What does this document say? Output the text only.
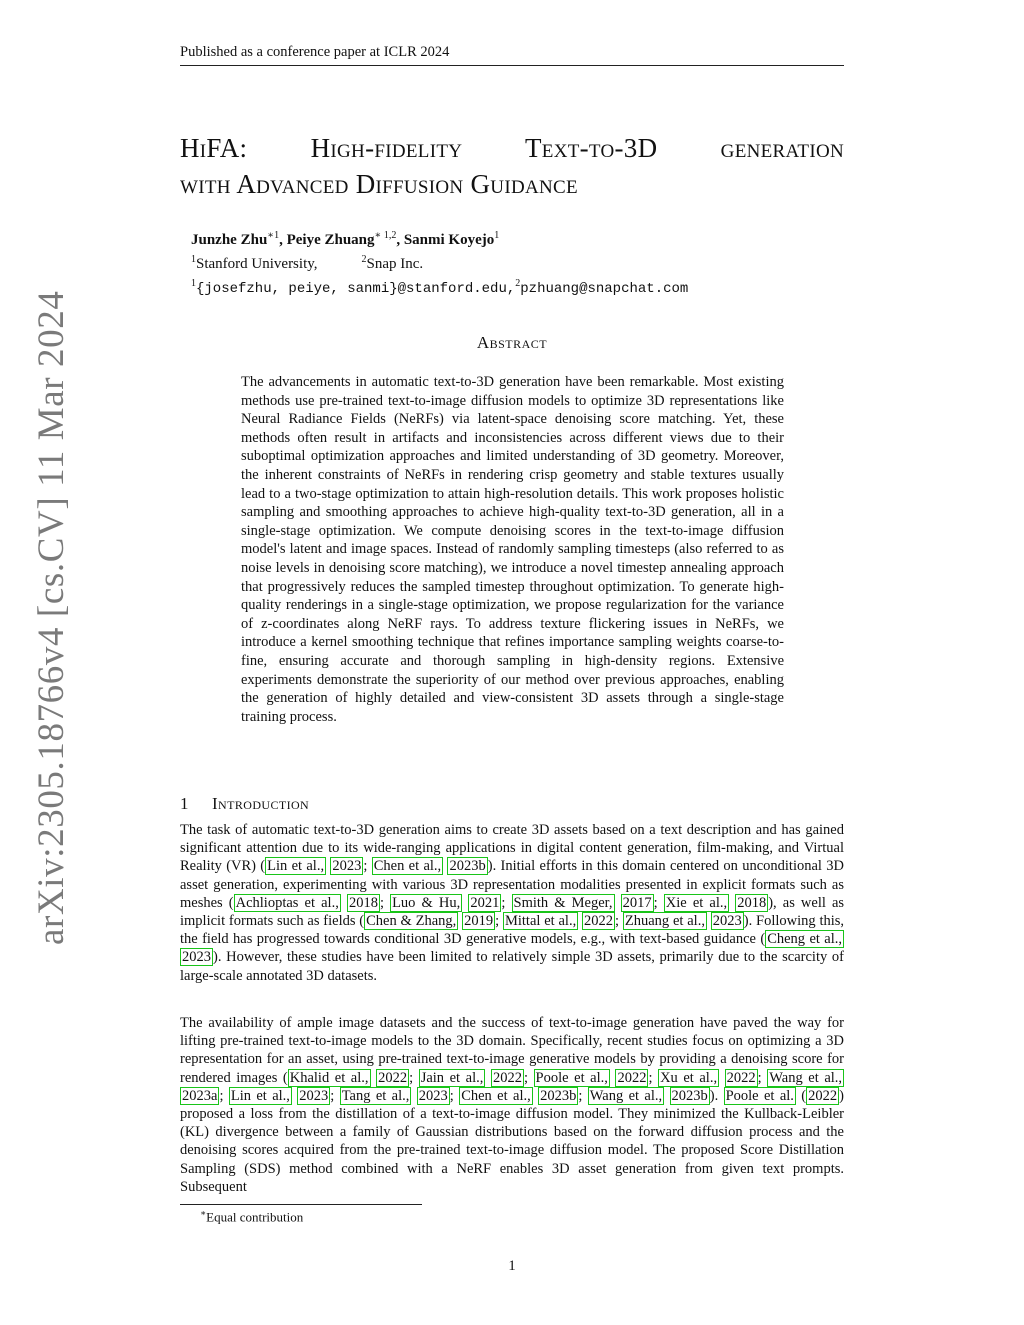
Published as a conference paper at ICLR 2024
arXiv:2305.18766v4 [cs.CV] 11 Mar 2024
HiFA: High-fidelity Text-to-3D generation
with Advanced Diffusion Guidance
Junzhe Zhu$^{∗1}$, Peiye Zhuang$^{∗ 1,2}$, Sanmi Koyejo$^1$
$^1$Stanford University,	$^2$Snap Inc.
$^1${josefzhu, peiye, sanmi}@stanford.edu,$^2$pzhuang@snapchat.com
Abstract
The advancements in automatic text-to-3D generation have been remarkable. Most existing methods use pre-trained text-to-image diffusion models to optimize 3D representations like Neural Radiance Fields (NeRFs) via latent-space denoising score matching. Yet, these methods often result in artifacts and inconsistencies across different views due to their suboptimal optimization approaches and limited understanding of 3D geometry. Moreover, the inherent constraints of NeRFs in rendering crisp geometry and stable textures usually lead to a two-stage optimization to attain high-resolution details. This work proposes holistic sampling and smoothing approaches to achieve high-quality text-to-3D generation, all in a single-stage optimization. We compute denoising scores in the text-to-image diffusion model's latent and image spaces. Instead of randomly sampling timesteps (also referred to as noise levels in denoising score matching), we introduce a novel timestep annealing approach that progressively reduces the sampled timestep throughout optimization. To generate high-quality renderings in a single-stage optimization, we propose regularization for the variance of z-coordinates along NeRF rays. To address texture flickering issues in NeRFs, we introduce a kernel smoothing technique that refines importance sampling weights coarse-to-fine, ensuring accurate and thorough sampling in high-density regions. Extensive experiments demonstrate the superiority of our method over previous approaches, enabling the generation of highly detailed and view-consistent 3D assets through a single-stage training process.
1 Introduction
The task of automatic text-to-3D generation aims to create 3D assets based on a text description and has gained significant attention due to its wide-ranging applications in digital content generation, film-making, and Virtual Reality (VR) ( Lin et al., 2023 ; Chen et al., 2023b ). Initial efforts in this domain centered on unconditional 3D asset generation, experimenting with various 3D representation modalities presented in explicit formats such as meshes ( Achlioptas et al., 2018 ; Luo & Hu, 2021 ; Smith & Meger, 2017 ; Xie et al., 2018 ), as well as implicit formats such as fields ( Chen & Zhang, 2019 ; Mittal et al., 2022 ; Zhuang et al., 2023 ). Following this, the field has progressed towards conditional 3D generative models, e.g., with text-based guidance ( Cheng et al., 2023 ). However, these studies have been limited to relatively simple 3D assets, primarily due to the scarcity of large-scale annotated 3D datasets.
The availability of ample image datasets and the success of text-to-image generation have paved the way for lifting pre-trained text-to-image models to the 3D domain. Specifically, recent studies focus on optimizing a 3D representation for an asset, using pre-trained text-to-image generative models by providing a denoising score for rendered images ( Khalid et al., 2022 ; Jain et al., 2022 ; Poole et al., 2022 ; Xu et al., 2022 ; Wang et al., 2023a ; Lin et al., 2023 ; Tang et al., 2023 ; Chen et al., 2023b ; Wang et al., 2023b ). Poole et al. ( 2022 ) proposed a loss from the distillation of a text-to-image diffusion model. They minimized the Kullback-Leibler (KL) divergence between a family of Gaussian distributions based on the forward diffusion process and the denoising scores acquired from the pre-trained text-to-image diffusion model. The proposed Score Distillation Sampling (SDS) method combined with a NeRF enables 3D asset generation from given text prompts. Subsequent
∗Equal contribution
1
